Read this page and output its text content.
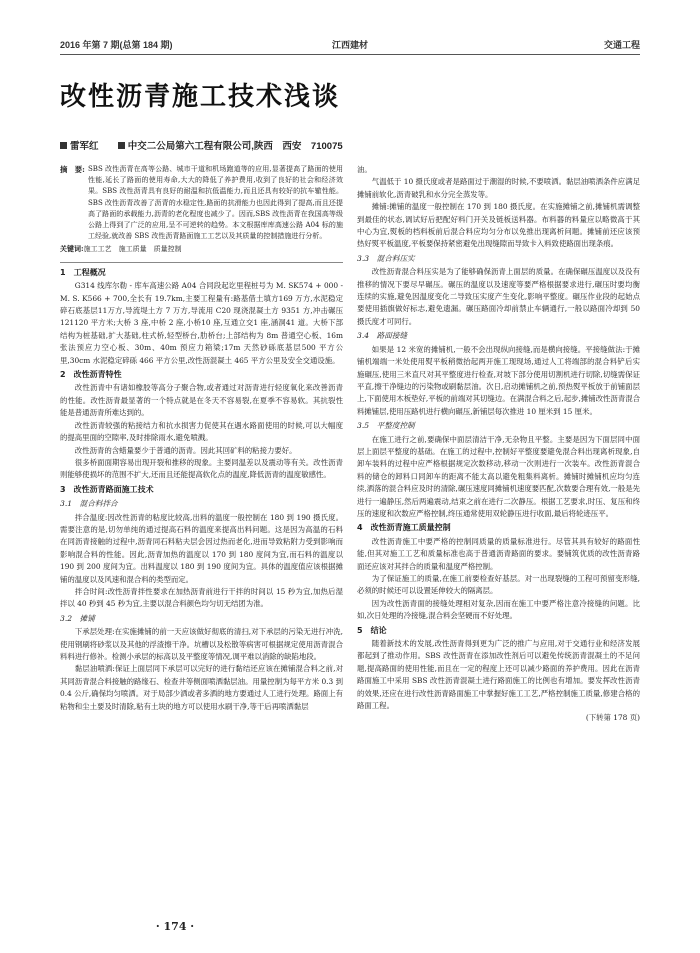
2016 年第 7 期(总第 184 期)	江西建材	交通工程
改性沥青施工技术浅谈
雷军红	中交二公局第六工程有限公司,陕西　西安　710075
摘　要: SBS 改性沥青在高等公路、城市干道和机场跑道等的应用,显著提高了路面的使用性能,延长了路面的使用寿命,大大的降低了养护费用,收到了良好的社会和经济效果。SBS 改性沥青具有良好的耐温和抗低温能力,而且还具有较好的抗车辙性能。SBS 改性沥青改善了沥青的水稳定性,路面的抗滑能力也因此得到了提高,而且还提高了路面的承载能力,沥青的老化程度也减少了。因而,SBS 改性沥青在我国高等级公路上得到了广泛的应用,呈不可逆转的趋势。本文根据库库高速公路 A04 标的施工经验,就改善 SBS 改性沥青路面施工工艺以及其质量的控制措施进行分析。
关键词:施工工艺　施工质量　质量控制
1　工程概况

G314 线库尔勒 - 库车高速公路 A04 合同段起讫里程桩号为 M. SK574 + 000 - M. S. K566 + 700,全长有 19.7km,主要工程量有:路基借土填方169 万方,水泥稳定碎石底基层11万方,导流堤土方 7 万方,导流用 C20 现浇混凝土方 9351 方,冲击碾压 121120 平方米;大桥 3 座,中桥 2 座,小桥10 座,互通立交1 座,涵洞41 道。大桥下部结构为桩基础,扩大基础,柱式桥,轻型桥台,肋桥台;上部结构为 8m 普通空心板、16m 张法预应力空心板、30m、40m 预应力箱梁;17m 天然砂砾底基层500 平方公里,30cm 水泥稳定碎砾 466 平方公里,改性沥混凝土 465 平方公里及安全交通设施。

2　改性沥青特性

改性沥青中有诸如橡胶等高分子聚合物,或者通过对沥青进行轻度氧化来改善沥青的性能。改性沥青最显著的一个特点就是在冬天不容易裂,在夏季不容易软。其抗裂性能是普通沥青所难达到的。

改性沥青较强的粘接结力和抗水损害力促使其在遇水路面使用的时候,可以大幅度的提高里面的空隙率,及时排除雨水,避免喷溅。

改性沥青的含蜡量要少于普通的沥青。因此其回矿料的粘接力要好。

很多桥面面期容易出现开裂和推移的现象。主要同温差以及震动等有关。改性沥青则能够使损坏的范围不扩大,还而且还能提高软化点的温度,降低沥青的温度敏感性。

3　改性沥青路面施工技术
3.1　混合料拌合

拌合温度:因改性沥青的粘度比较高,出料的温度一般控制在 180 到 190 摄氏度。需要注意的是,切勿单纯的通过提高石料的温度来提高出料问题。这是因为高温的石料在同沥青接触的过程中,沥青同石料粘夫层会因过热而老化,进而导致粘附力受到影响而影响混合料的性能。因此,沥青加热的温度以 170 到 180 度间为宜,而石料的温度以 190 到 200 度间为宜。出料温度以 180 到 190 度间为宜。具体的温度值应该根据摊铺的温度以及风速和混合料的类型而定。

拌合时间:改性沥青拌性要求在加热沥青前进行干拌的时间以 15 秒为宜,加热后湿拌以 40 秒到 45 秒为宜,主要以混合料颜色均匀切无结团为准。

3.2　摊铺

下承层处理:在实施摊铺的前一天应该做好彻底的清扫,对下承层的污染无进行冲洗,使用钢刷将砂浆以及其他的浮渣擦干净。坑槽以及松散等病害可根据规定使用沥青混合料料进行修补。检测小承层的标高以及平整度等情况,调平难以消除的缺陷地段。

黏层油喷洒:保证上面层同下承层可以完好的进行黏结还应该在摊铺混合料之前,对其同沥青混合料接触的路缘石、检查井等侧面喷洒黏层油。用量控制为每平方米 0.3 到 0.4 公斤,确保均匀喷洒。对于局部少洒或者多洒的地方要通过人工进行处理。路面上有粘物和尘土要及时清除,粘有土块的地方可以使用水刷干净,等干后再喷洒黏层

油。

气温低于 10 摄氏度或者是路面过于潮湿的时候,不要喷洒。黏层油喷洒条件应满足摊铺前软化,沥青破乳和水分完全蒸发等。

摊铺:摊铺的温度一般控制在 170 到 180 摄氏度。在实施摊铺之前,摊铺机需调整到最佳的状态,调试好后把配好料门开关及链板送料器。布料器的料量应以略微高于其中心为宜,熨板的档料板前后混合料应均匀分布以免推出现离析问题。摊铺前还应该预热好熨平板温度,平板要保持紧密避免出现缝隙而导致卡入料致使路面出现条痕。

3.3　混合料压实

改性沥青混合料压实是为了能够确保沥青上面层的质量。在确保碾压温度以及没有推移的情况下要尽早碾压。碾压的温度以及速度等要严格根据要求进行,碾压时要均衡连续的实施,避免因温度变化二导致压实度产生变化,影响平整度。碾压作业段的起始点要使用插旗做好标志,避免遗漏。碾压路面冷却前禁止车辆通行,一般以路面冷却到 50 摄氏度才可同行。

3.4　路面接缝

如果是 12 米宽的摊铺机,一般不会出现纵向接缝,而是横向接缝。平接缝做法:于摊铺机端端一米处使用熨平板稍微抬起两开施工现现场,通过人工将端部的混合料铲后实施碾压,使用三米直尺对其平整度进行检查,对坡下部分使用切割机进行切除,切缝需保证平直,擦干净缝边的污染物或刷黏层油。次日,启动摊铺机之前,预热熨平板放于前铺面层上,下面使用木板垫好,平板的前端对其切缝边。在满混合料之后,起步,摊铺改性沥青混合料摊铺层,使用压路机进行横向碾压,新铺层每次推进 10 厘米到 15 厘米。

3.5　平整度控制

在施工进行之前,要确保中面层清洁干净,无杂物且平整。主要是因为下面层同中面层上面层平整度的基础。在施工的过程中,控制好平整度要避免混合料出现离析现象,自卸车装料的过程中应严格根据规定次数移动,移动一次则进行一次装车。改性沥青混合料的储仓的卸料口同卸车的距离不能太高以避免粗集料离析。摊铺时摊铺机应均匀连续,洒落的混合料应及时的清除,碾压速度同摊铺机速度要匹配,次数要合理有效,一般是先进行一遍静压,然后两遍震动,结束之前在进行二次静压。根据工艺要求,时压、复压和终压的速度和次数应严格控制,终压通常使用双轮静压进行收面,最后将轮迹压平。

4　改性沥青施工质量控制

改性沥青施工中要严格的控制同质量的质量标准进行。尽管其具有较好的路面性能,但其对施工工艺和质量标准也高于普通沥青路面的要求。要铺筑优质的改性沥青路面还应该对其拌合的质量和温度严格控制。

为了保证施工的质量,在施工前要检查好基层。对一出现裂缝的工程可预留变形缝,必须的时候还可以设置延伸较大的隔离层。

因为改性沥青面的接缝处理相对复杂,因而在施工中要严格注意冷接缝的问题。比如,次日处理的冷接缝,混合料会坚硬而不好处理。

5　结论

随着新技术的发展,改性沥青得到更为广泛的推广与应用,对于交通行业和经济发展都起到了推动作用。SBS 改性沥青在添加改性剂后可以避免传统沥青混凝土的不足问题,提高路面的使用性能,而且在一定的程度上还可以减少路面的养护费用。因此在沥青路面施工中采用 SBS 改性沥青混凝土进行路面施工的比例也有增加。要发挥改性沥青的效果,还应在进行改性沥青路面施工中掌握好施工工艺,严格控制施工质量,修建合格的路面工程。

(下转第 178 页)

· 174 ·
